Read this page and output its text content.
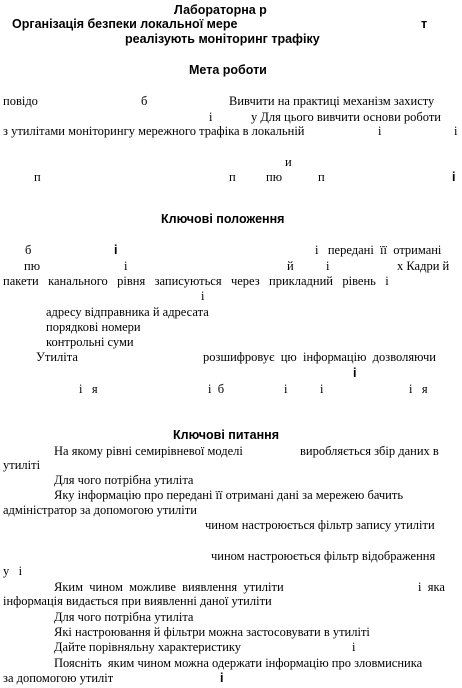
Лабораторна р
Організація безпеки локальної мере	т
реалізують моніторинг трафіку
Мета роботи
повідо	б	Вивчити на практиці механізм захисту
і	у Для цього вивчити основи роботи
з утилітами моніторингу мережного трафіка в локальній	і	і
и
п	п пю	п	і
Ключові положення
б	і	і   передані  її  отримані
пю	і	й	і	х Кадри й
пакети   канального   рівня   записуються   через   прикладний   рівень   і
і
адресу відправника й адресата
порядкові номери
контрольні суми
Утиліта	розшифровує  цю  інформацію  дозволяючи
і
і   я	і  б	і	і	і   я
Ключові питання
На якому рівні семирівневої моделі	виробляється збір даних в
утиліті
Для чого потрібна утиліта
Яку інформацію про передані її отримані дані за мережею бачить
адміністратор за допомогою утиліти
чином настроюється фільтр запису утиліти
чином настроюється фільтр відображення
у   і
Яким  чином  можливе  виявлення  утиліти	і  яка
інформація видається при виявленні даної утиліти
Для чого потрібна утиліта
Які настроювання й фільтри можна застосовувати в утиліті
Дайте порівняльну характеристику	і
Поясніть  яким чином можна одержати інформацію про зловмисника
за допомогою утиліт	і
